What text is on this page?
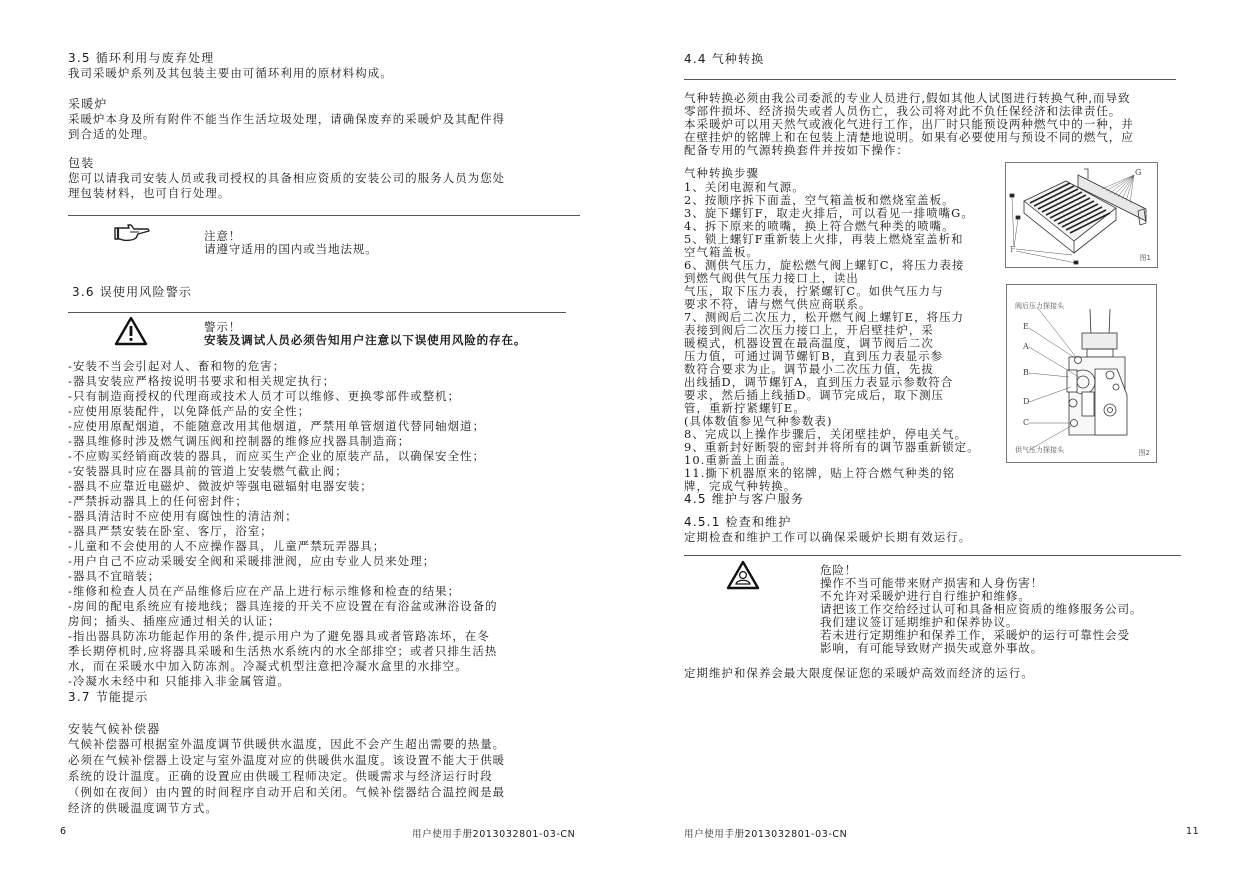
3.5 循环利用与废弃处理
我司采暖炉系列及其包装主要由可循环利用的原材料构成。
采暖炉
采暖炉本身及所有附件不能当作生活垃圾处理，请确保废弃的采暖炉及其配件得
到合适的处理。
包装
您可以请我司安装人员或我司授权的具备相应资质的安装公司的服务人员为您处
理包装材料，也可自行处理。
注意！
请遵守适用的国内或当地法规。
3.6 误使用风险警示
警示！
安装及调试人员必须告知用户注意以下误使用风险的存在。
-安装不当会引起对人、畜和物的危害；
-器具安装应严格按说明书要求和相关规定执行；
-只有制造商授权的代理商或技术人员才可以维修、更换零部件或整机；
-应使用原装配件，以免降低产品的安全性；
-应使用原配烟道，不能随意改用其他烟道，严禁用单管烟道代替同轴烟道；
-器具维修时涉及燃气调压阀和控制器的维修应找器具制造商；
-不应购买经销商改装的器具，而应买生产企业的原装产品，以确保安全性；
-安装器具时应在器具前的管道上安装燃气截止阀；
-器具不应靠近电磁炉、微波炉等强电磁辐射电器安装；
-严禁拆动器具上的任何密封件；
-器具清洁时不应使用有腐蚀性的清洁剂；
-器具严禁安装在卧室、客厅，浴室；
-儿童和不会使用的人不应操作器具，儿童严禁玩弄器具；
-用户自己不应动采暖安全阀和采暖排泄阀，应由专业人员来处理；
-器具不宜暗装；
-维修和检查人员在产品维修后应在产品上进行标示维修和检查的结果；
-房间的配电系统应有接地线；器具连接的开关不应设置在有浴盆或淋浴设备的
房间；插头、插座应通过相关的认证；
-指出器具防冻功能起作用的条件,提示用户为了避免器具或者管路冻坏，在冬
季长期停机时,应将器具采暖和生活热水系统内的水全部排空；或者只排生活热
水，而在采暖水中加入防冻剂。冷凝式机型注意把冷凝水盒里的水排空。
-冷凝水未经中和 只能排入非金属管道。
3.7 节能提示
安装气候补偿器
气候补偿器可根据室外温度调节供暖供水温度，因此不会产生超出需要的热量。
必须在气候补偿器上设定与室外温度对应的供暖供水温度。该设置不能大于供暖
系统的设计温度。正确的设置应由供暖工程师决定。供暖需求与经济运行时段
（例如在夜间）由内置的时间程序自动开启和关闭。气候补偿器结合温控阀是最
经济的供暖温度调节方式。
6	用户使用手册2013032801-03-CN
4.4 气种转换
气种转换必须由我公司委派的专业人员进行,假如其他人试图进行转换气种,而导致
零部件损坏、经济损失或者人员伤亡，我公司将对此不负任保经济和法律责任。
本采暖炉可以用天然气或液化气进行工作，出厂时只能预设两种燃气中的一种，并
在壁挂炉的铭牌上和在包装上清楚地说明。如果有必要使用与预设不同的燃气，应
配备专用的气源转换套件并按如下操作：
气种转换步骤
1、关闭电源和气源。
2、按顺序拆下面盖，空气箱盖板和燃烧室盖板。
3、旋下螺钉F，取走火排后，可以看见一排喷嘴G。
4、拆下原来的喷嘴，换上符合燃气种类的喷嘴。
5、锁上螺钉F重新装上火排，再装上燃烧室盖析和
空气箱盖板。
6、测供气压力，旋松燃气阀上螺钉C，将压力表接
到燃气阀供气压力接口上，读出
气压，取下压力表，拧紧螺钉C。如供气压力与
要求不符，请与燃气供应商联系。
7、测阀后二次压力，松开燃气阀上螺钉E，将压力
表接到阀后二次压力接口上，开启壁挂炉，采
暖模式，机器设置在最高温度，调节阀后二次
压力值，可通过调节螺钉B，直到压力表显示参
数符合要求为止。调节最小二次压力值，先拔
出线插D，调节螺钉A，直到压力表显示参数符合
要求，然后插上线插D。调节完成后，取下测压
管，重新拧紧螺钉E。
(具体数值参见气种参数表)
8、完成以上操作步骤后，关闭壁挂炉，停电关气。
9、重新封好断裂的密封并将所有的调节器重新锁定。
10.重新盖上面盖。
11.撕下机器原来的铭牌，贴上符合燃气种类的铭
牌，完成气种转换。
G
F
图1
阀后压力探接头
E
A
B
D
C
供气压力探接头	图2
4.5 维护与客户服务
4.5.1 检查和维护
定期检查和维护工作可以确保采暖炉长期有效运行。
危险！
操作不当可能带来财产损害和人身伤害！
不允许对采暖炉进行自行维护和维修。
请把该工作交给经过认可和具备相应资质的维修服务公司。
我们建议签订延期维护和保养协议。
若未进行定期维护和保养工作，采暖炉的运行可靠性会受
影响，有可能导致财产损失或意外事故。
定期维护和保养会最大限度保证您的采暖炉高效而经济的运行。
用户使用手册2013032801-03-CN	11
